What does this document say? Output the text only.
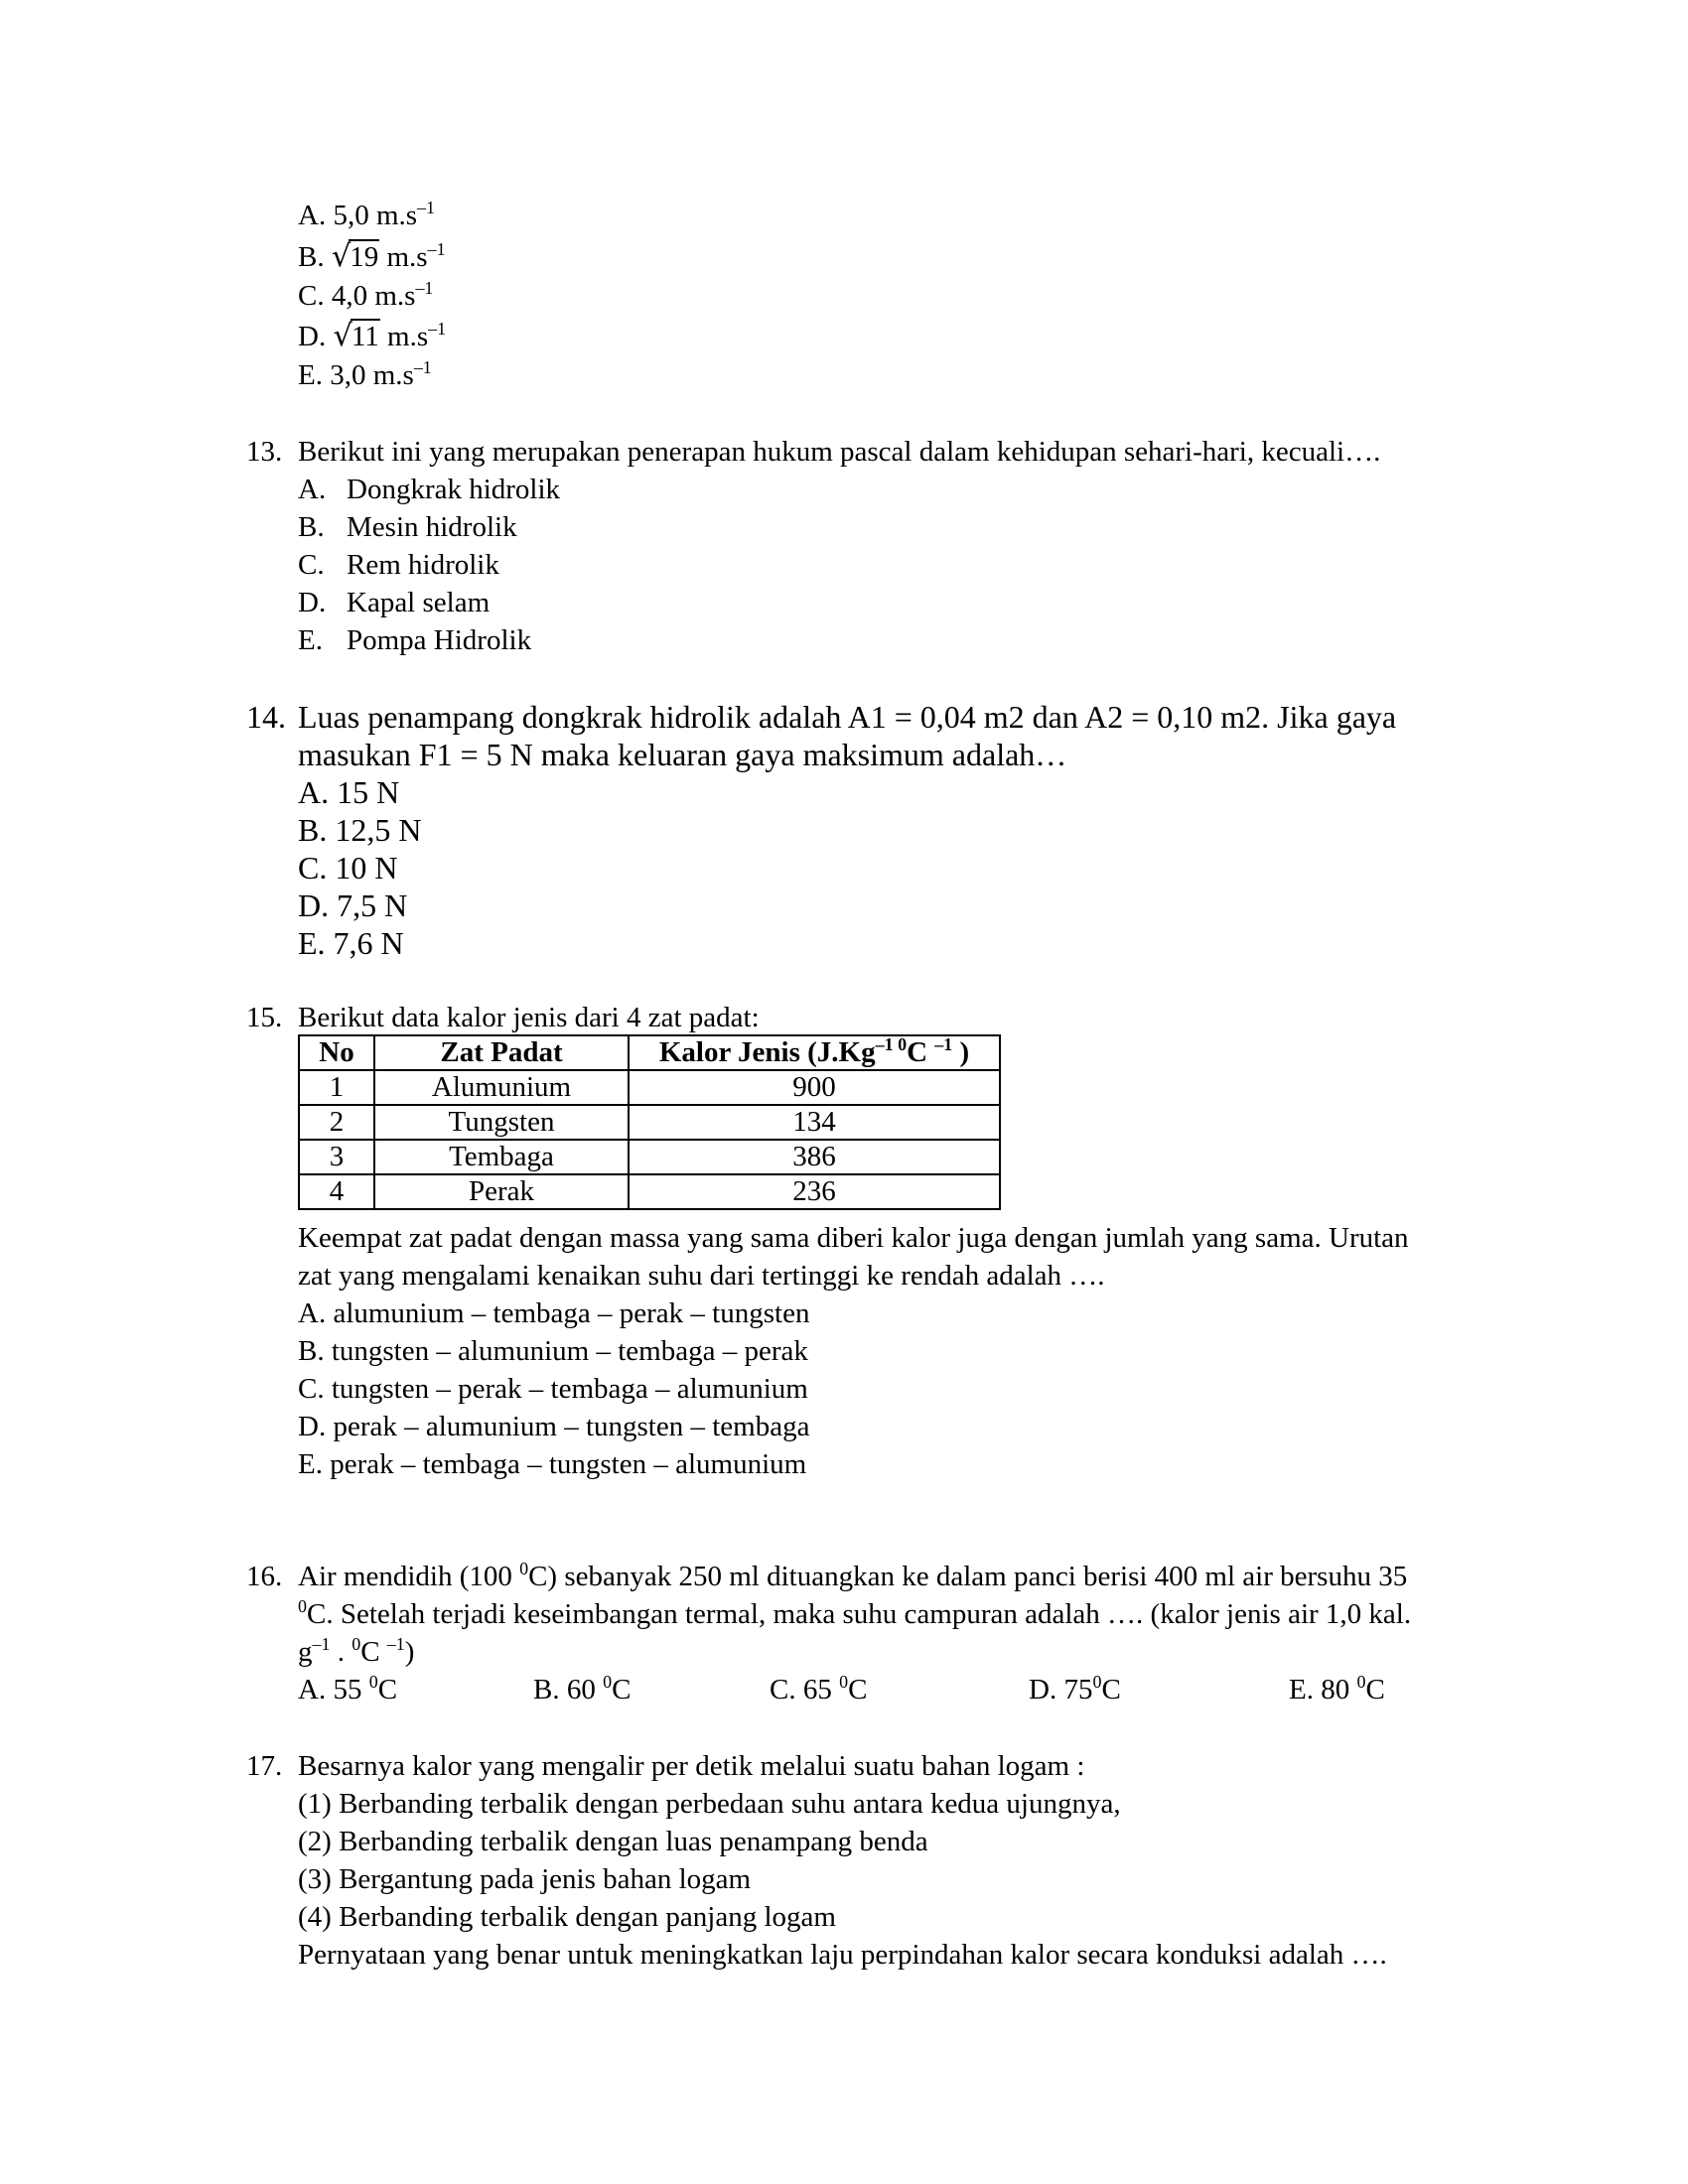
A. 5,0 $m.s^{-1}$
B. √19 $m.s^{-1}$
C. 4,0 $m.s^{-1}$
D. √11 $m.s^{-1}$
E. 3,0 $m.s^{-1}$
13. Berikut ini yang merupakan penerapan hukum pascal dalam kehidupan sehari-hari, kecuali….
A. Dongkrak hidrolik
B. Mesin hidrolik
C. Rem hidrolik
D. Kapal selam
E. Pompa Hidrolik
14. Luas penampang dongkrak hidrolik adalah A1 = 0,04 m2 dan A2 = 0,10 m2. Jika gaya
masukan F1 = 5 N maka keluaran gaya maksimum adalah…
A. 15 N
B. 12,5 N
C. 10 N
D. 7,5 N
E. 7,6 N
15. Berikut data kalor jenis dari 4 zat padat:
No	Zat Padat	Kalor Jenis ($J.Kg^{-1 0}C$ $^{-1}$ )
1	Alumunium	900
2	Tungsten	134
3	Tembaga	386
4	Perak	236
Keempat zat padat dengan massa yang sama diberi kalor juga dengan jumlah yang sama. Urutan
zat yang mengalami kenaikan suhu dari tertinggi ke rendah adalah ….
A. alumunium – tembaga – perak – tungsten
B. tungsten – alumunium – tembaga – perak
C. tungsten – perak – tembaga – alumunium
D. perak – alumunium – tungsten – tembaga
E. perak – tembaga – tungsten – alumunium
16. Air mendidih (100 $^0$C) sebanyak 250 ml dituangkan ke dalam panci berisi 400 ml air bersuhu 35
$^0$C. Setelah terjadi keseimbangan termal, maka suhu campuran adalah …. (kalor jenis air 1,0 kal.
$g^{-1}$ . $^0$C $^{-1}$)
A. 55 $^0$C	B. 60 $^0$C	C. 65 $^0$C	D. $75^0C$	E. 80 $^0$C
17. Besarnya kalor yang mengalir per detik melalui suatu bahan logam :
(1) Berbanding terbalik dengan perbedaan suhu antara kedua ujungnya,
(2) Berbanding terbalik dengan luas penampang benda
(3) Bergantung pada jenis bahan logam
(4) Berbanding terbalik dengan panjang logam
Pernyataan yang benar untuk meningkatkan laju perpindahan kalor secara konduksi adalah ….
